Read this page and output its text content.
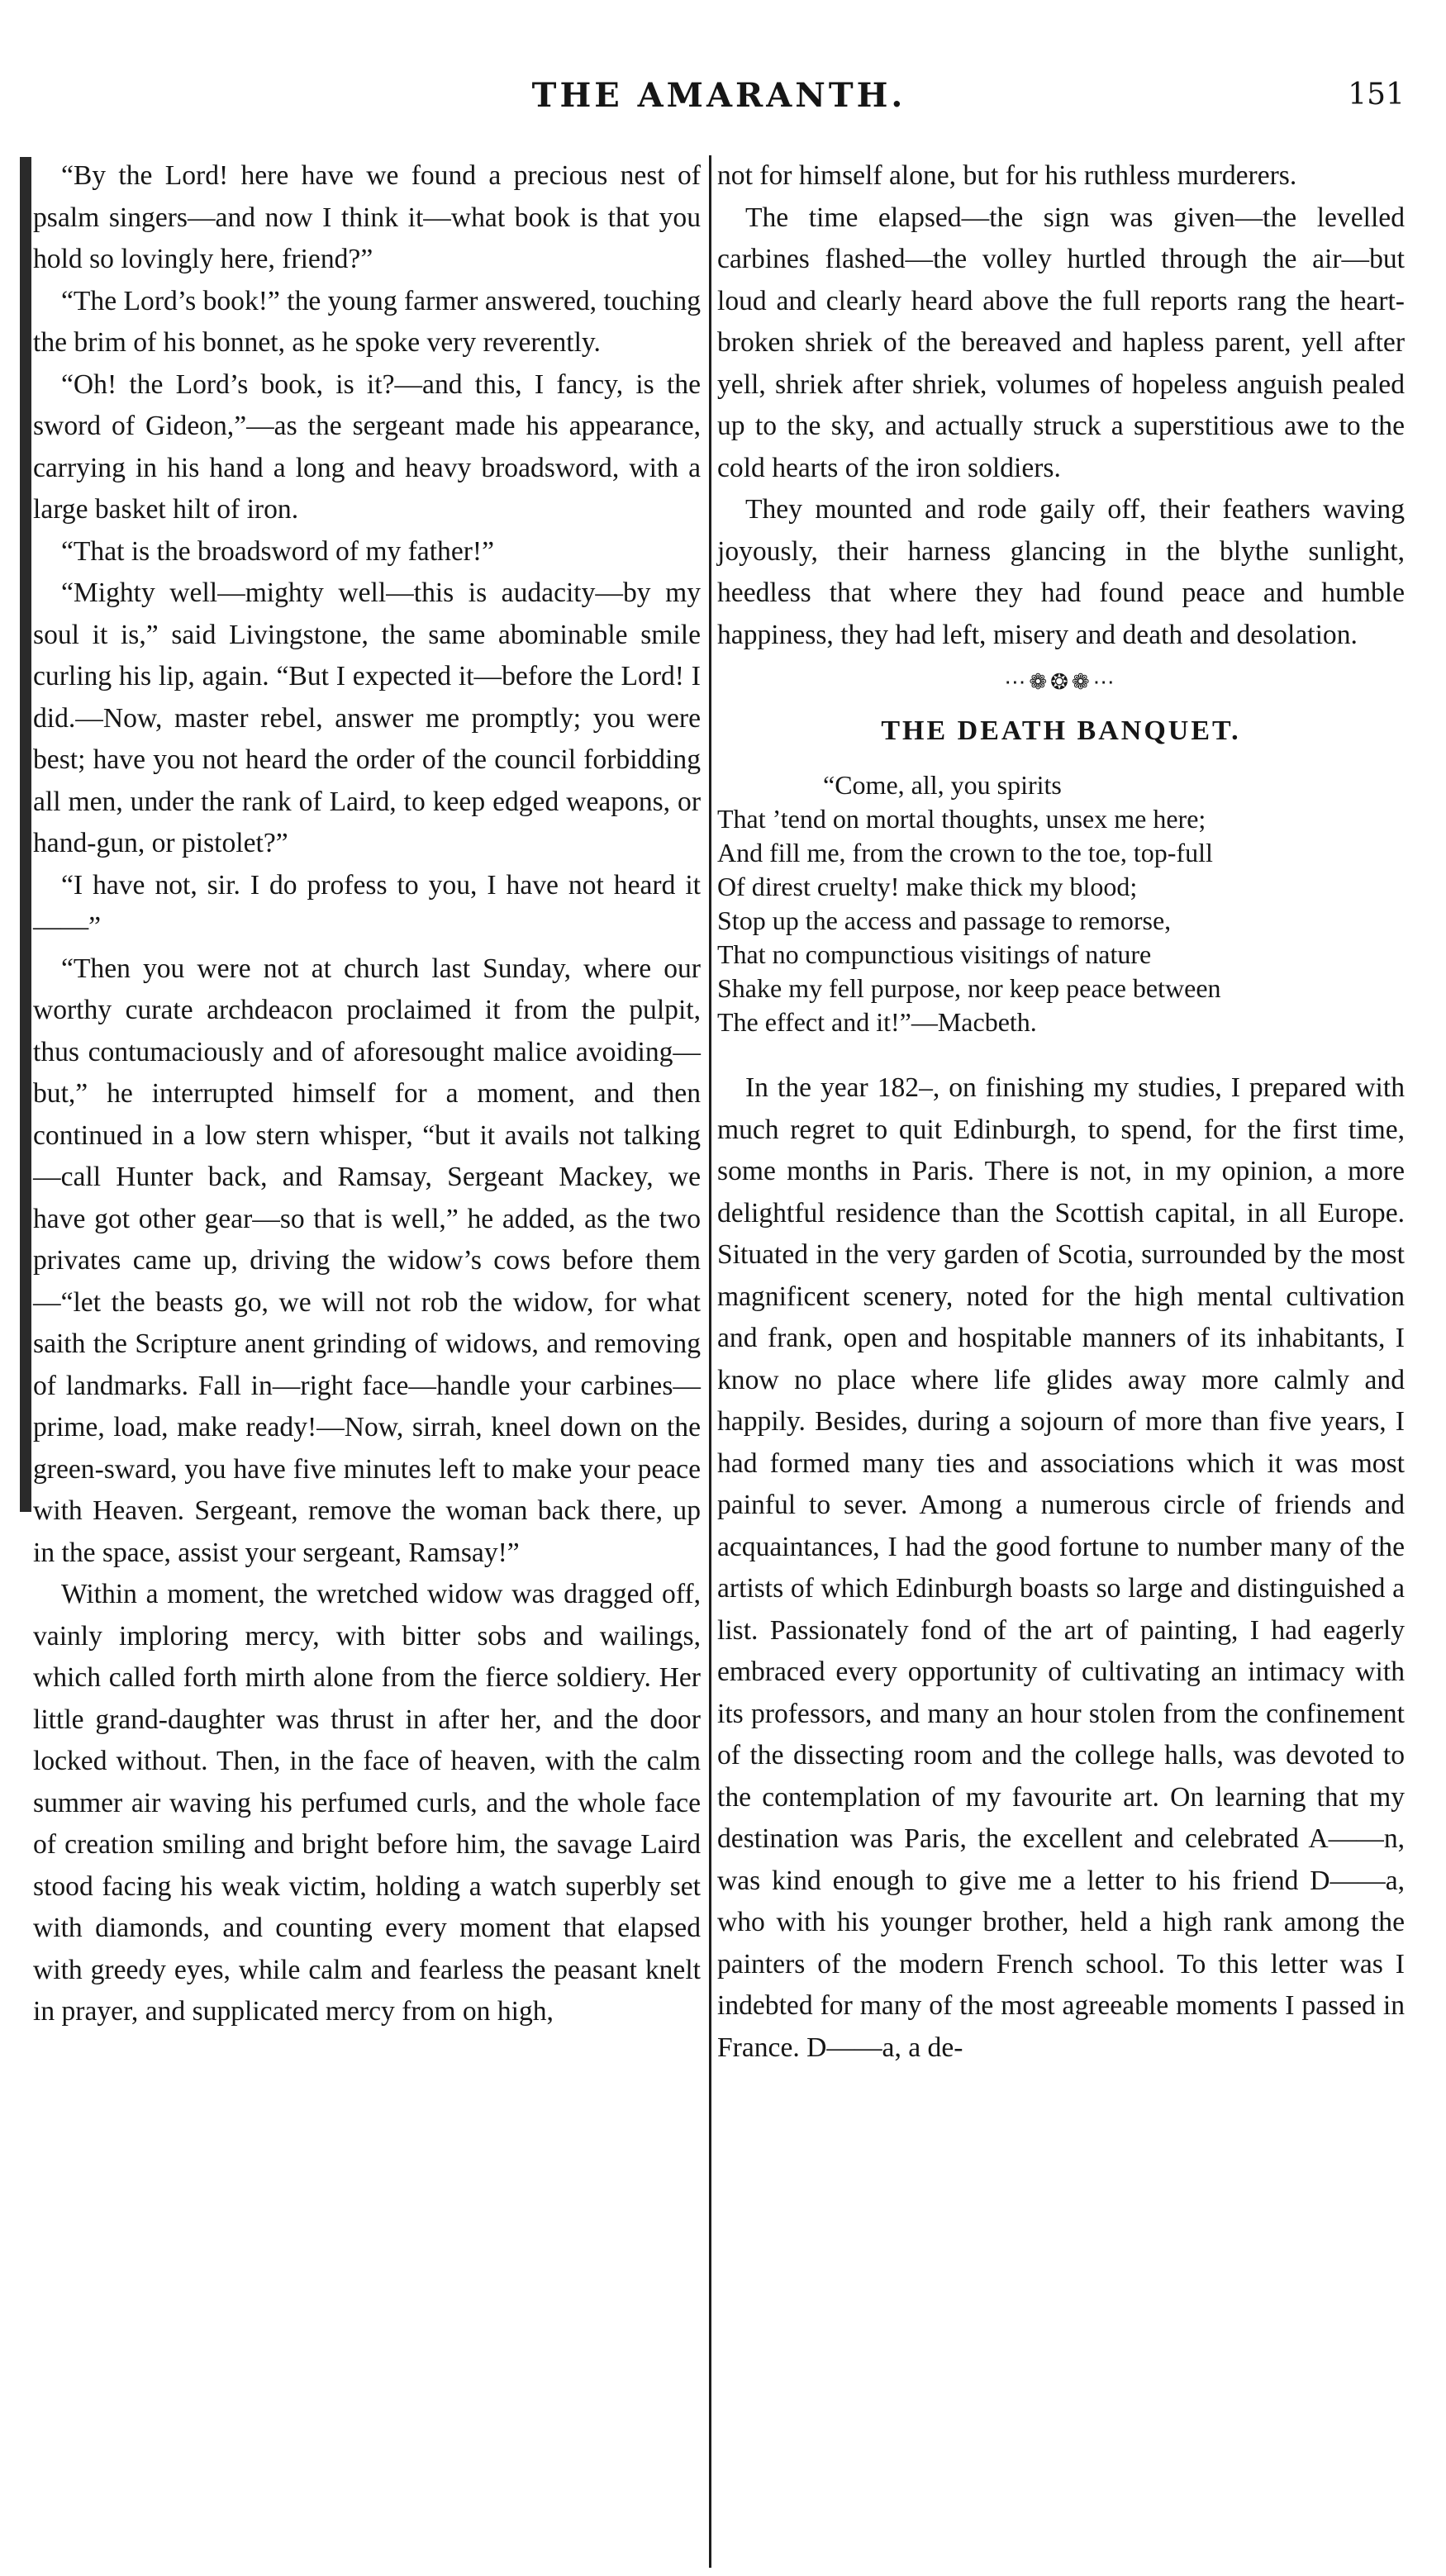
THE AMARANTH.	151

“By the Lord! here have we found a precious nest of psalm singers—and now I think it—what book is that you hold so lovingly here, friend?”

“The Lord’s book!” the young farmer answered, touching the brim of his bonnet, as he spoke very reverently.

“Oh! the Lord’s book, is it?—and this, I fancy, is the sword of Gideon,”—as the sergeant made his appearance, carrying in his hand a long and heavy broadsword, with a large basket hilt of iron.

“That is the broadsword of my father!”

“Mighty well—mighty well—this is audacity—by my soul it is,” said Livingstone, the same abominable smile curling his lip, again. “But I expected it—before the Lord! I did.—Now, master rebel, answer me promptly; you were best; have you not heard the order of the council forbidding all men, under the rank of Laird, to keep edged weapons, or hand-gun, or pistolet?”

“I have not, sir. I do profess to you, I have not heard it——”

“Then you were not at church last Sunday, where our worthy curate archdeacon proclaimed it from the pulpit, thus contumaciously and of aforesought malice avoiding—but,” he interrupted himself for a moment, and then continued in a low stern whisper, “but it avails not talking—call Hunter back, and Ramsay, Sergeant Mackey, we have got other gear—so that is well,” he added, as the two privates came up, driving the widow’s cows before them—“let the beasts go, we will not rob the widow, for what saith the Scripture anent grinding of widows, and removing of landmarks. Fall in—right face—handle your carbines—prime, load, make ready!—Now, sirrah, kneel down on the green-sward, you have five minutes left to make your peace with Heaven. Sergeant, remove the woman back there, up in the space, assist your sergeant, Ramsay!”

Within a moment, the wretched widow was dragged off, vainly imploring mercy, with bitter sobs and wailings, which called forth mirth alone from the fierce soldiery. Her little grand-daughter was thrust in after her, and the door locked without. Then, in the face of heaven, with the calm summer air waving his perfumed curls, and the whole face of creation smiling and bright before him, the savage Laird stood facing his weak victim, holding a watch superbly set with diamonds, and counting every moment that elapsed with greedy eyes, while calm and fearless the peasant knelt in prayer, and supplicated mercy from on high,

not for himself alone, but for his ruthless murderers.

The time elapsed—the sign was given—the levelled carbines flashed—the volley hurtled through the air—but loud and clearly heard above the full reports rang the heart-broken shriek of the bereaved and hapless parent, yell after yell, shriek after shriek, volumes of hopeless anguish pealed up to the sky, and actually struck a superstitious awe to the cold hearts of the iron soldiers.

They mounted and rode gaily off, their feathers waving joyously, their harness glancing in the blythe sunlight, heedless that where they had found peace and humble happiness, they had left, misery and death and desolation.

⋯❁❂❁⋯
THE DEATH BANQUET.
“Come, all, you spirits
That ’tend on mortal thoughts, unsex me here;
And fill me, from the crown to the toe, top-full
Of direst cruelty! make thick my blood;
Stop up the access and passage to remorse,
That no compunctious visitings of nature
Shake my fell purpose, nor keep peace between
The effect and it!”—Macbeth.

In the year 182–, on finishing my studies, I prepared with much regret to quit Edinburgh, to spend, for the first time, some months in Paris. There is not, in my opinion, a more delightful residence than the Scottish capital, in all Europe. Situated in the very garden of Scotia, surrounded by the most magnificent scenery, noted for the high mental cultivation and frank, open and hospitable manners of its inhabitants, I know no place where life glides away more calmly and happily. Besides, during a sojourn of more than five years, I had formed many ties and associations which it was most painful to sever. Among a numerous circle of friends and acquaintances, I had the good fortune to number many of the artists of which Edinburgh boasts so large and distinguished a list. Passionately fond of the art of painting, I had eagerly embraced every opportunity of cultivating an intimacy with its professors, and many an hour stolen from the confinement of the dissecting room and the college halls, was devoted to the contemplation of my favourite art. On learning that my destination was Paris, the excellent and celebrated A——n, was kind enough to give me a letter to his friend D——a, who with his younger brother, held a high rank among the painters of the modern French school. To this letter was I indebted for many of the most agreeable moments I passed in France. D——a, a de-
